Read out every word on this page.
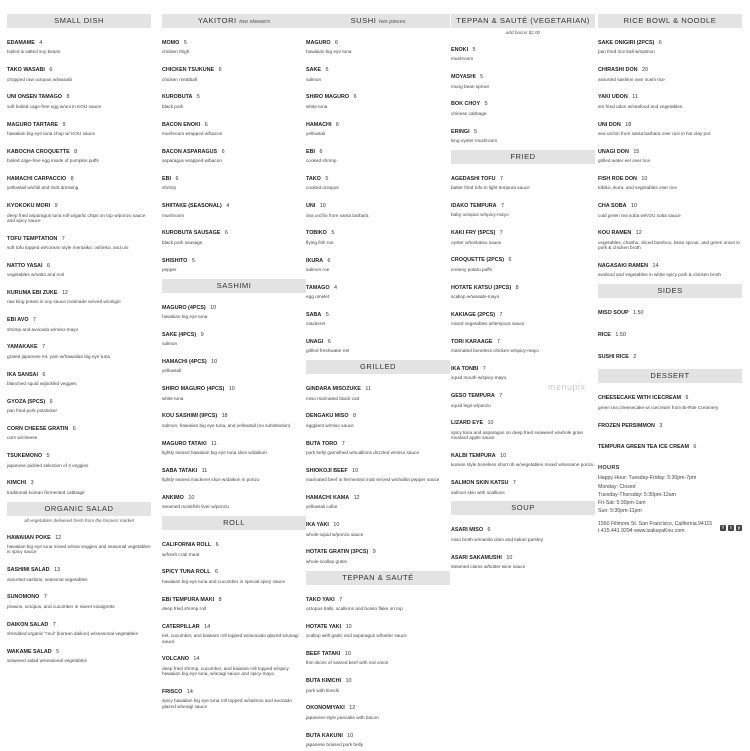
SMALL DISH
EDAMAME 4
boiled & salted soy beans
TAKO WASABI 6
chopped raw octopus w/wasabi
UNI ONSEN TAMAGO 8
soft boiled cage-free egg w/uni in KOU sauce
MAGURO TARTARE 9
hawaiian big eye tuna chop w/ KOU sauce
KABOCHA CROQUETTE 8
boiled cage-free egg inside of pumpkin puffs
HAMACHI CARPACCIO 8
yellowtail w/chili and mint dressing
KYOKOKU MORI 9
deep fried asparagus tuna roll w/garlic chips on top w/ponzu sauce and spicy sauce
TOFU TEMPTATION 7
soft tofu topped w/Korean style mentaiko, oshinko, and uni
NATTO YASAI 6
vegetables w/natto and nori
KURUMA EBI ZUKE 12
raw king prawn in soy sauce marinade served w/onigiri
EBI AVO 7
shrimp and avocado w/miso-mayo
YAMAKAKE 7
grated japanese mt. yam w/hawaiian big eye tuna
IKA SANSAI 6
blanched squid w/pickled veggies
GYOZA (5PCS) 6
pan fried pork potsticker
CORN CHEESE GRATIN 6
corn w/cheese
TSUKEMONO 5
japanese pickled selection of 4 veggies
KIMCHI 3
traditional korean fermented cabbage
ORGANIC SALAD
all vegetables delivered fresh from the farmers market
HAWAIIAN POKE 12
hawaiian big eye tuna mixed w/sea veggies and seasonal vegetables in spicy sauce
SASHIMI SALAD 13
assorted sashimi, seasonal vegetables
SUNOMONO 7
prawns, octopus, and cucumber in sweet vinaigrette
DAIKON SALAD 7
shredded organic "mui" (korean daikon) w/seasonal vegetables
WAKAME SALAD 5
seaweed salad w/seasonal vegetables
YAKITORI two skewers
MOMO 5
chicken thigh
CHICKEN TSUKUNE 6
chicken meatball
KUROBUTA 5
black pork
BACON ENOKI 6
mushroom wrapped w/bacon
BACON ASPARAGUS 6
asparagus wrapped w/bacon
EBI 6
shrimp
SHIITAKE (SEASONAL) 4
mushroom
KUROBUTA SAUSAGE 6
black pork sausage
SHISHITO 5
pepper
SASHIMI
MAGURO (4PCS) 10
hawaiian big eye tuna
SAKE (4PCS) 9
salmon
HAMACHI (4PCS) 10
yellowtail
SHIRO MAGURO (4PCS) 10
white tuna
KOU SASHIMI (9PCS) 18
salmon, hawaiian big eye tuna, and yellowtail (no substitution)
MAGURO TATAKI 11
lightly seared hawaiian big eye tuna slice w/daikon
SABA TATAKI 11
lightly seared mackerel slice w/daikon in ponzu
ANKIMO 10
steamed monkfish liver w/ponzu
ROLL
CALIFORNIA ROLL 6
w/fresh crab meat
SPICY TUNA ROLL 6
hawaiian big eye tuna and cucumber in special spicy sauce
EBI TEMPURA MAKI 8
deep fried shrimp roll
CATERPILLAR 14
eel, cucumber, and kaiware roll topped w/avocado glazed w/unagi sauce
VOLCANO 14
deep fried shrimp, cucumber, and kaiware roll topped w/spicy hawaiian big eye tuna, w/unagi sauce and spicy-mayo
FRISCO 14
spicy hawaiian big eye tuna roll topped w/salmon and avocado glazed w/unagi sauce
SUSHI two pieces
MAGURO 6
hawaiian big eye tuna
SAKE 5
salmon
SHIRO MAGURO 6
white tuna
HAMACHI 6
yellowtail
EBI 6
cooked shrimp
TAKO 5
cooked octopus
UNI 10
sea urchin from santa barbara
TOBIKO 5
flying fish roe
IKURA 6
salmon roe
TAMAGO 4
egg omelet
SABA 5
mackerel
UNAGI 6
grilled freshwater eel
GRILLED
GINDARA MISOZUKE 11
miso marinated black cod
DENGAKU MISO 8
eggplant w/miso sauce
BUTA TORO 7
pork belly garnished w/scallions drizzled w/miso sauce
SHIOKOJI BEEF 10
marinated beef in fermented malt served w/shallot pepper sauce
HAMACHI KAMA 12
yellowtail collar
IKA YAKI 10
whole squid w/ponzu sauce
HOTATE GRATIN (3PCS) 9
whole scallop gratin
TEPPAN & SAUTÉ
TAKO YAKI 7
octopus balls, scallions and bonito flake on top
HOTATE YAKI 10
scallop with garlic and asparagus w/butter sauce
BEEF TATAKI 10
thin slices of seared beef with red onion
BUTA KIMCHI 10
pork with kimchi
OKONOMIYAKI 12
japanese style pancake with bacon
BUTA KAKUNI 10
japanese braised pork belly
TEPPAN & SAUTÉ (VEGETARIAN)
add bacon $2.00
ENOKI 5
mushroom
MOYASHI 5
mung bean sprout
BOK CHOY 5
chinese cabbage
ERINGI 5
king oyster mushroom
FRIED
AGEDASHI TOFU 7
batter fried tofu in light tempura sauce
IDAKO TEMPURA 7
baby octopus w/spicy-mayo
KAKI FRY (5PCS) 7
oyster w/tonkatsu sauce
CROQUETTE (2PCS) 6
creamy potato puffs
HOTATE KATSU (3PCS) 8
scallop w/wasabi-mayo
KAKIAGE (2PCS) 7
mixed vegetables w/tempura sauce
TORI KARAAGE 7
marinated boneless chicken w/spicy-mayo
IKA TONBI 7
squid mouth w/spicy-mayo
GESO TEMPURA 7
squid legs w/ponzu
LIZARD EYE 10
spicy tuna and asparagus on deep fried seaweed w/whole grain mustard apple sauce
KALBI TEMPURA 10
korean style boneless short rib w/vegetables mixed w/sesame ponzu
SALMON SKIN KATSU 7
salmon skin with scallions
SOUP
ASARI MISO 6
miso broth w/manila clam and italian parsley
ASARI SAKAMUSHI 10
steamed clams w/butter wine sauce
RICE BOWL & NOODLE
SAKE ONIGIRI (2PCS) 6
pan fried rice ball w/salmon
CHIRASHI DON 20
assorted sashimi over sushi rice
YAKI UDON 11
stir fried udon w/seafood and vegetables
UNI DON 18
sea urchin from santa barbara over rice in hot clay pot
UNAGI DON 15
grilled water eel over rice
FISH ROE DON 10
tobiko, ikura, and vegetables over rice
CHA SOBA 10
cold green tea soba w/KOU soba sauce
KOU RAMEN 12
vegetables, chashu, sliced bamboo, bean sprout, and green onion in pork & chicken broth
NAGASAKI RAMEN 14
seafood and vegetables in white spicy pork & chicken broth
SIDES
MISO SOUP 1.50
RICE 1.50
SUSHI RICE 2
DESSERT
CHEESECAKE WITH ICECREAM 9
green tea cheesecake w/ icecream from Bi-Rite Creamery
FROZEN PERSIMMON 3
TEMPURA GREEN TEA ICE CREAM 6
HOURS
Happy Hour: Tuesday-Friday: 5:30pm-7pm
Monday: Closed
Tuesday-Thursday: 5:30pm-12am
Fri-Sat: 5:30pm-1am
Sun: 5:30pm-11pm
1560 Fillmore St. San Francisco, California 94115
t 415.441.9294 www.izakayaKou.com
f	t	y
menupix
